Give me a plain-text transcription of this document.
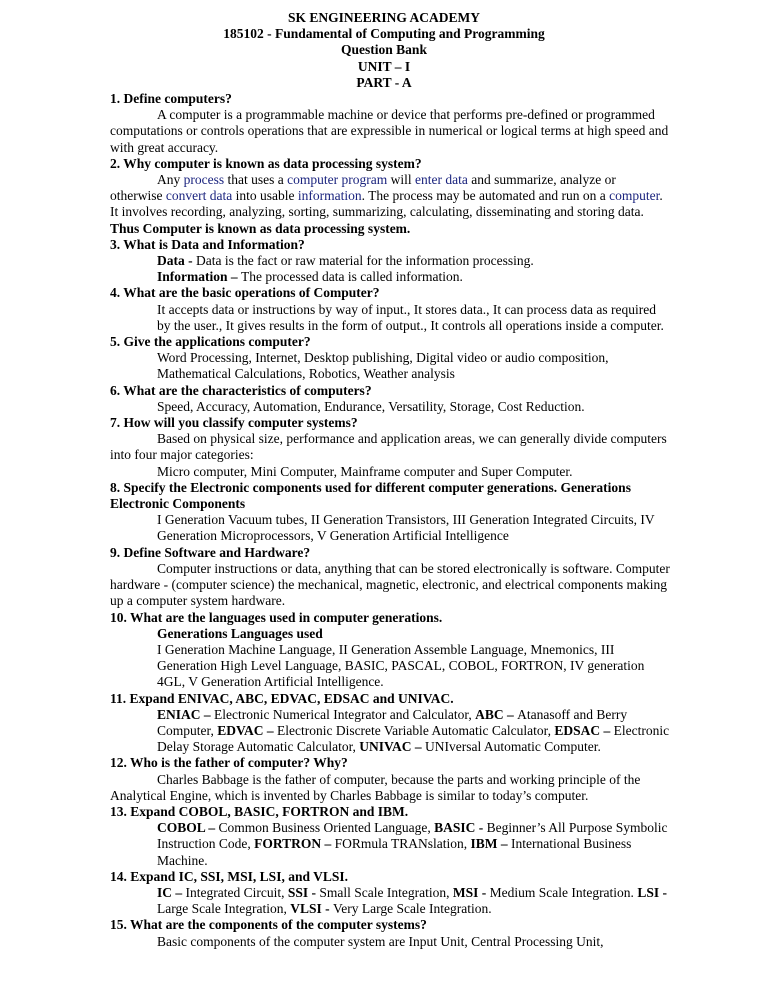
SK ENGINEERING ACADEMY
185102 - Fundamental of Computing and Programming
Question Bank
UNIT – I
PART - A
1. Define computers?
A computer is a programmable machine or device that performs pre-defined or programmed computations or controls operations that are expressible in numerical or logical terms at high speed and with great accuracy.
2. Why computer is known as data processing system?
Any process that uses a computer program will enter data and summarize, analyze or otherwise convert data into usable information. The process may be automated and run on a computer. It involves recording, analyzing, sorting, summarizing, calculating, disseminating and storing data. Thus Computer is known as data processing system.
3. What is Data and Information?
Data - Data is the fact or raw material for the information processing.
Information – The processed data is called information.
4. What are the basic operations of Computer?
It accepts data or instructions by way of input., It stores data., It can process data as required by the user., It gives results in the form of output., It controls all operations inside a computer.
5. Give the applications computer?
Word Processing, Internet, Desktop publishing, Digital video or audio composition, Mathematical Calculations, Robotics, Weather analysis
6. What are the characteristics of computers?
Speed, Accuracy, Automation, Endurance, Versatility, Storage, Cost Reduction.
7. How will you classify computer systems?
Based on physical size, performance and application areas, we can generally divide computers into four major categories:
Micro computer, Mini Computer, Mainframe computer and Super Computer.
8. Specify the Electronic components used for different computer generations. Generations Electronic Components
I Generation Vacuum tubes, II Generation Transistors, III Generation Integrated Circuits, IV Generation Microprocessors, V Generation Artificial Intelligence
9. Define Software and Hardware?
Computer instructions or data, anything that can be stored electronically is software. Computer hardware - (computer science) the mechanical, magnetic, electronic, and electrical components making up a computer system hardware.
10. What are the languages used in computer generations.
Generations Languages used
I Generation Machine Language, II Generation Assemble Language, Mnemonics, III Generation High Level Language, BASIC, PASCAL, COBOL, FORTRON, IV generation 4GL, V Generation Artificial Intelligence.
11. Expand ENIVAC, ABC, EDVAC, EDSAC and UNIVAC.
ENIAC – Electronic Numerical Integrator and Calculator, ABC – Atanasoff and Berry Computer, EDVAC – Electronic Discrete Variable Automatic Calculator, EDSAC – Electronic Delay Storage Automatic Calculator, UNIVAC – UNIversal Automatic Computer.
12. Who is the father of computer? Why?
Charles Babbage is the father of computer, because the parts and working principle of the Analytical Engine, which is invented by Charles Babbage is similar to today’s computer.
13. Expand COBOL, BASIC, FORTRON and IBM.
COBOL – Common Business Oriented Language, BASIC - Beginner’s All Purpose Symbolic Instruction Code, FORTRON – FORmula TRANslation, IBM – International Business Machine.
14. Expand IC, SSI, MSI, LSI, and VLSI.
IC – Integrated Circuit, SSI - Small Scale Integration, MSI - Medium Scale Integration. LSI - Large Scale Integration, VLSI - Very Large Scale Integration.
15. What are the components of the computer systems?
Basic components of the computer system are Input Unit, Central Processing Unit,
